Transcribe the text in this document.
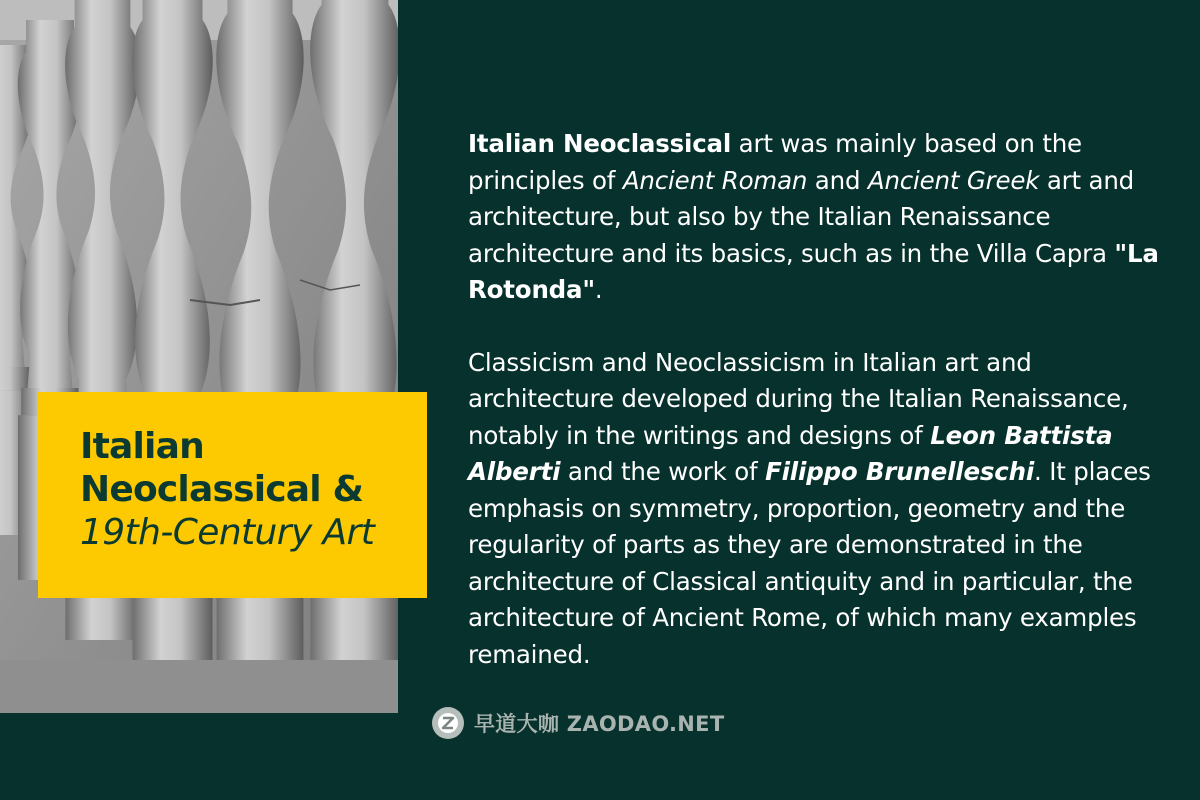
Italian
Neoclassical &
19th-Century Art

Italian Neoclassical art was mainly based on the principles of Ancient Roman and Ancient Greek art and architecture, but also by the Italian Renaissance architecture and its basics, such as in the Villa Capra "La Rotonda".

Classicism and Neoclassicism in Italian art and architecture developed during the Italian Renaissance, notably in the writings and designs of Leon Battista Alberti and the work of Filippo Brunelleschi. It places emphasis on symmetry, proportion, geometry and the regularity of parts as they are demonstrated in the architecture of Classical antiquity and in particular, the architecture of Ancient Rome, of which many examples remained.

早道大咖 ZAODAO.NET
